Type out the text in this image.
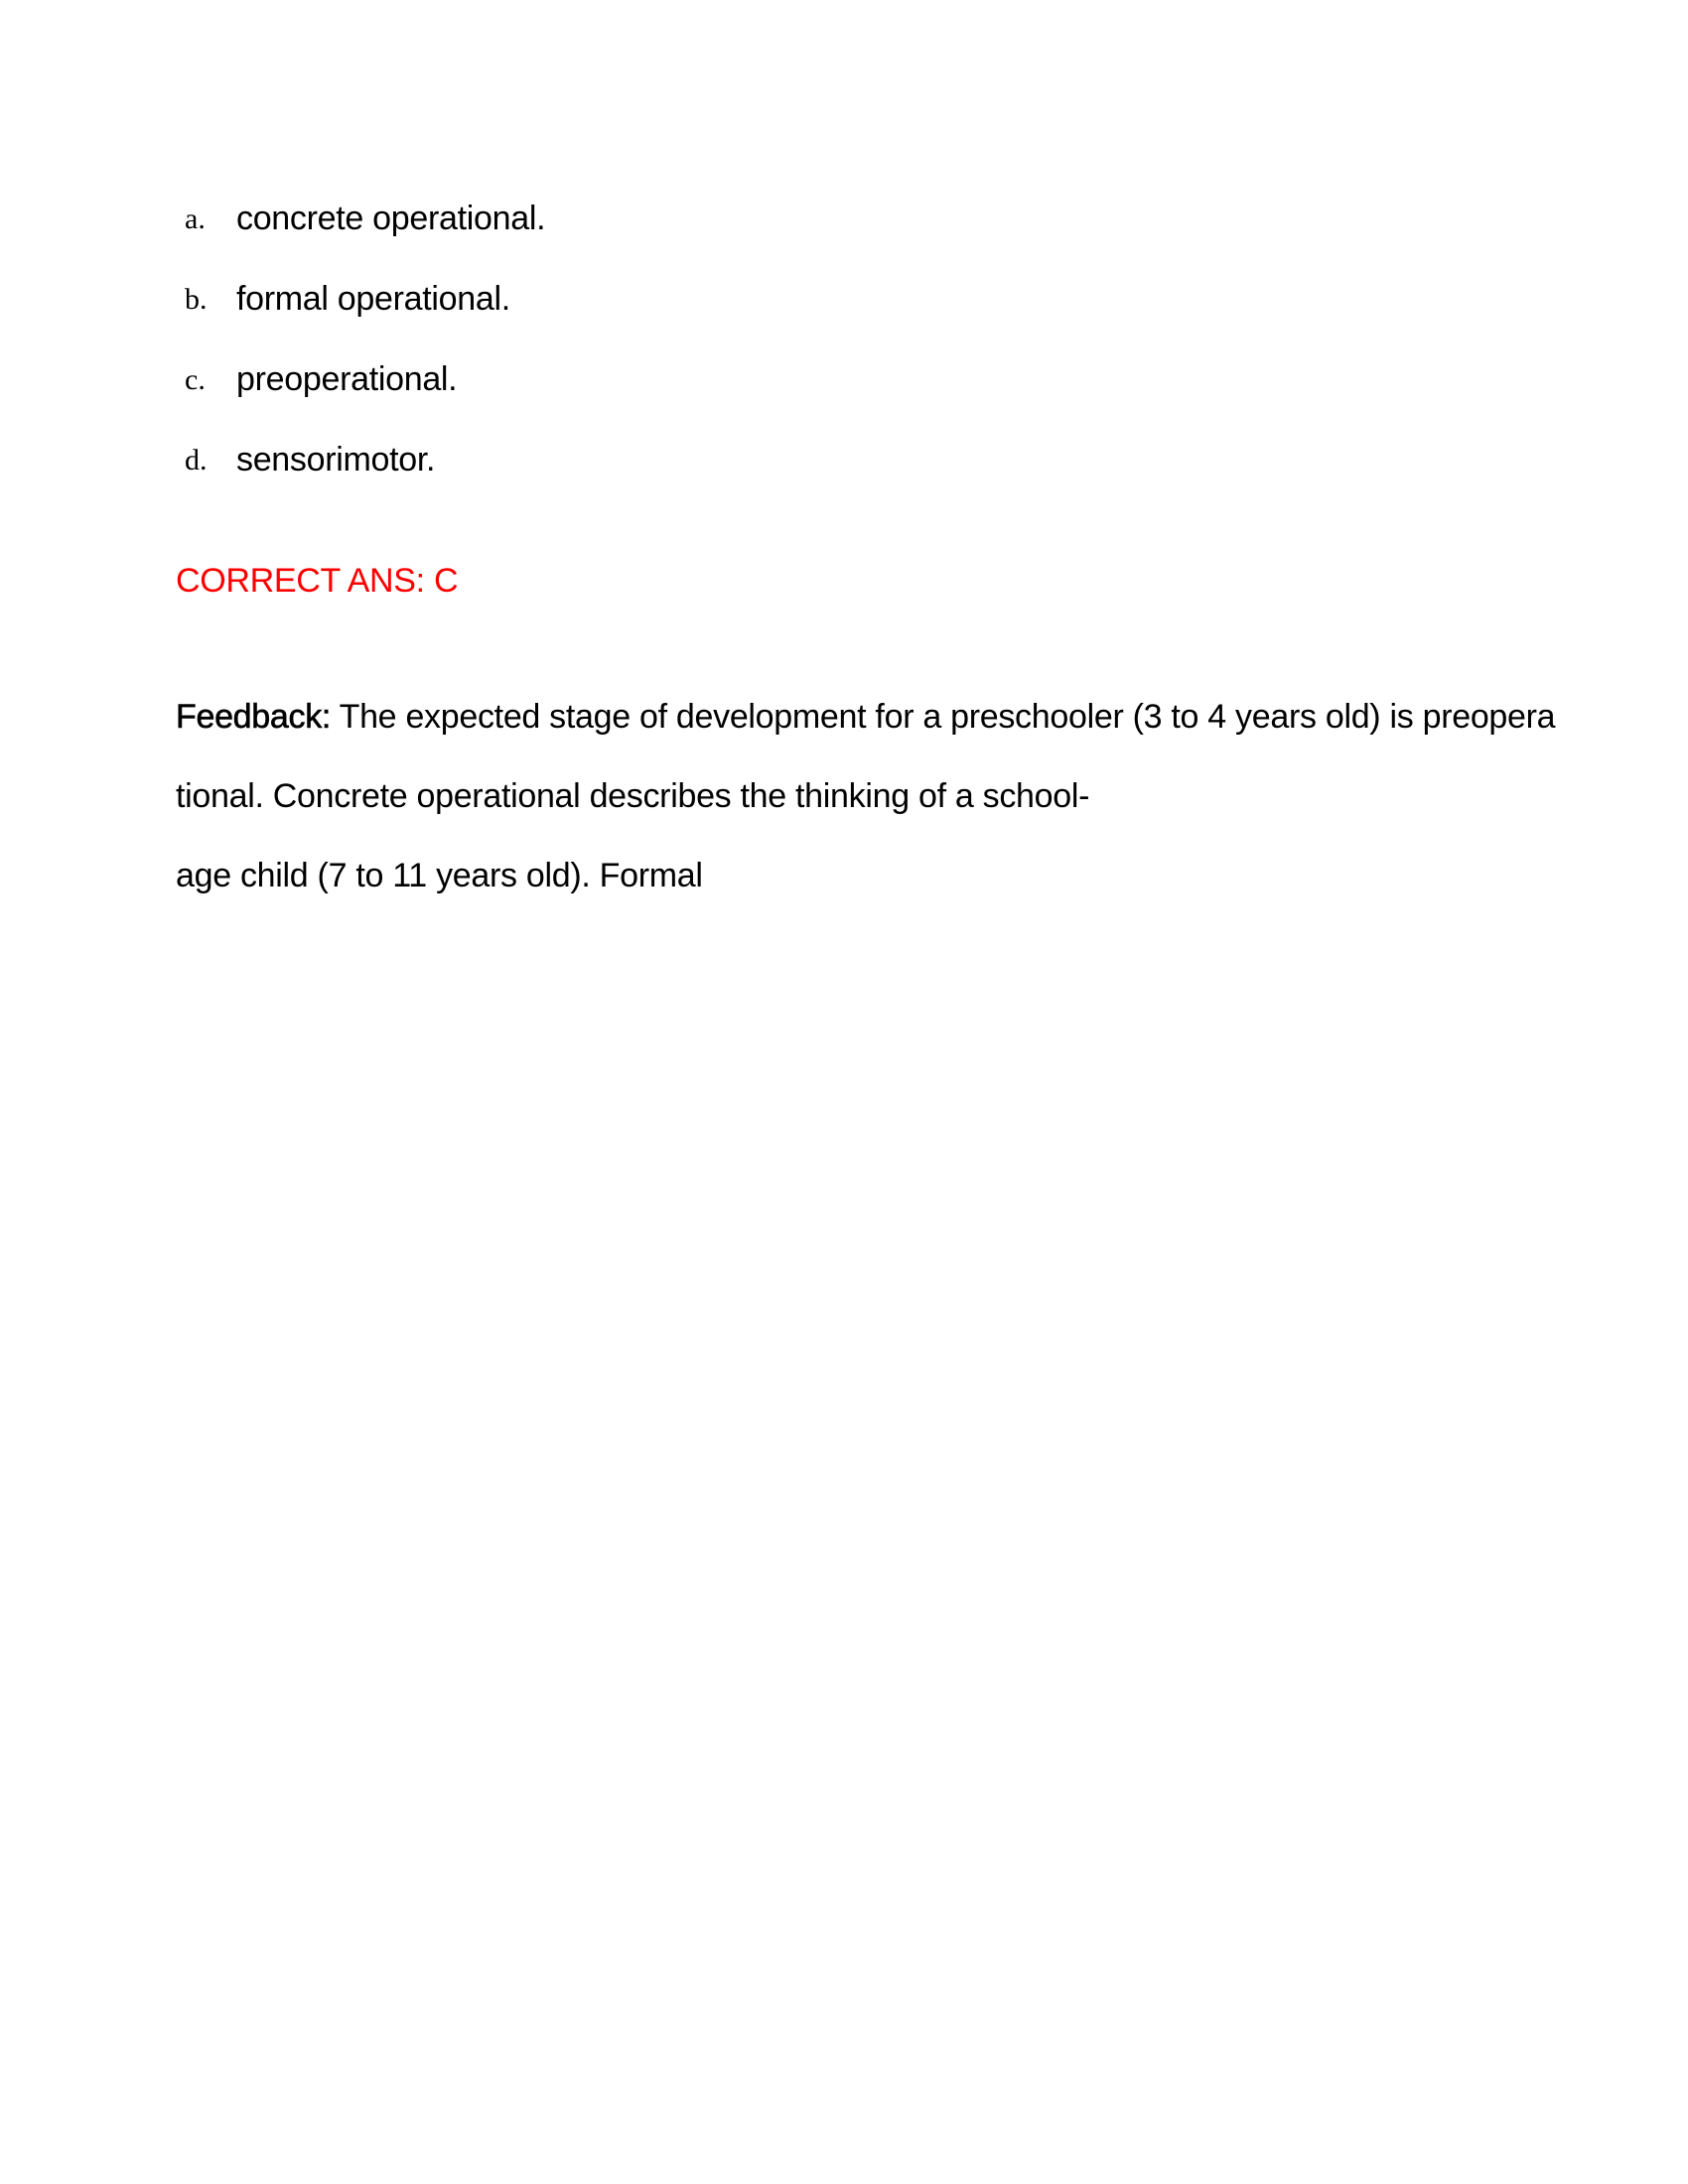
a. concrete operational.
b. formal operational.
c. preoperational.
d. sensorimotor.
CORRECT ANS: C
Feedback: The expected stage of development for a preschooler (3 to 4 years old) is preopera
tional. Concrete operational describes the thinking of a school-
age child (7 to 11 years old). Formal
